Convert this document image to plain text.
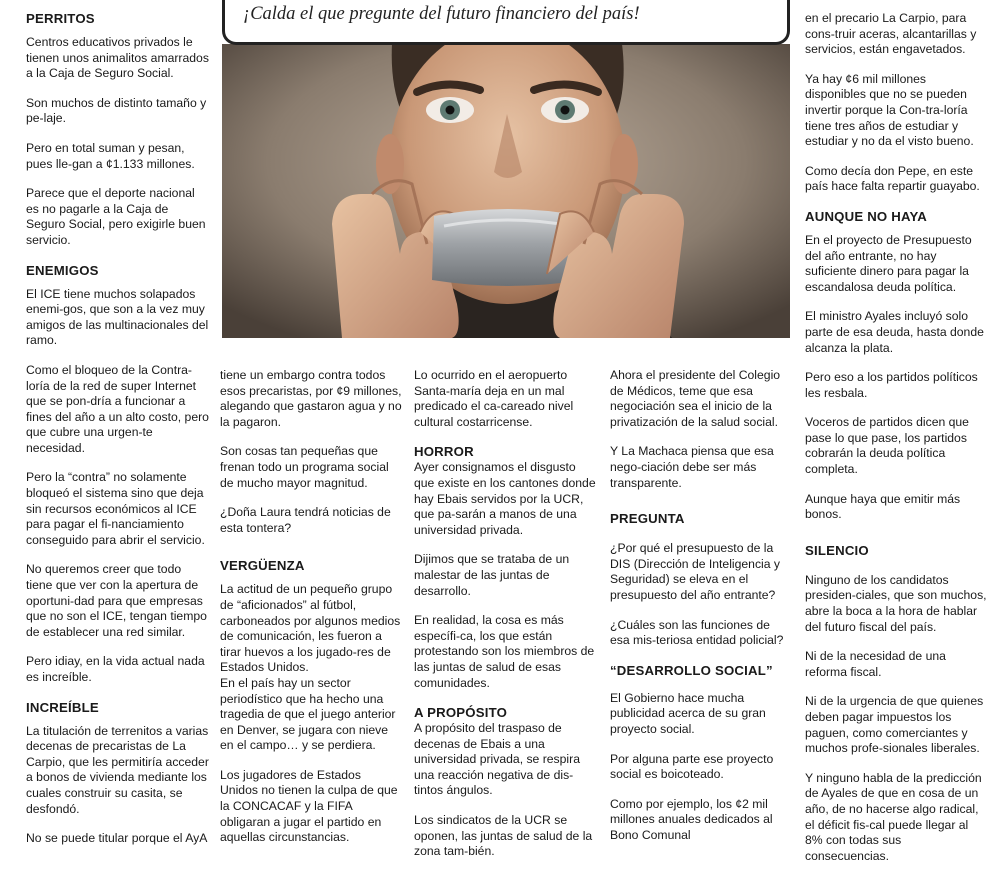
¡Calda el que pregunte del futuro financiero del país!
PERRITOS

Centros educativos privados le tienen unos animalitos amarrados a la Caja de Seguro Social.

Son muchos de distinto tamaño y pe-laje.

Pero en total suman y pesan, pues lle-gan a ¢1.133 millones.

Parece que el deporte nacional es no pagarle a la Caja de Seguro Social, pero exigirle buen servicio.

ENEMIGOS

El ICE tiene muchos solapados enemi-gos, que son a la vez muy amigos de las multinacionales del ramo.

Como el bloqueo de la Contra-loría de la red de super Internet que se pon-dría a funcionar a fines del año a un alto costo, pero que cubre una urgen-te necesidad.

Pero la “contra” no solamente bloqueó el sistema sino que deja sin recursos económicos al ICE para pagar el fi-nanciamiento conseguido para abrir el servicio.

No queremos creer que todo tiene que ver con la apertura de oportuni-dad para que empresas que no son el ICE, tengan tiempo de establecer una red similar.

Pero idiay, en la vida actual nada es increíble.

INCREÍBLE

La titulación de terrenitos a varias decenas de precaristas de La Carpio, que les permitiría acceder a bonos de vivienda mediante los cuales construir su casita, se desfondó.

No se puede titular porque el AyA

tiene un embargo contra todos esos precaristas, por ¢9 millones, alegando que gastaron agua y no la pagaron.

Son cosas tan pequeñas que frenan todo un programa social de mucho mayor magnitud.

¿Doña Laura tendrá noticias de esta tontera?

VERGÜENZA

La actitud de un pequeño grupo de “aficionados” al fútbol, carboneados por algunos medios de comunicación, les fueron a tirar huevos a los jugado-res de Estados Unidos.

En el país hay un sector periodístico que ha hecho una tragedia de que el juego anterior en Denver, se jugara con nieve en el campo… y se perdiera.

Los jugadores de Estados Unidos no tienen la culpa de que la CONCACAF y la FIFA obligaran a jugar el partido en aquellas circunstancias.

Lo ocurrido en el aeropuerto Santa-maría deja en un mal predicado el ca-careado nivel cultural costarricense.

HORROR

Ayer consignamos el disgusto que existe en los cantones donde hay Ebais servidos por la UCR, que pa-sarán a manos de una universidad privada.

Dijimos que se trataba de un malestar de las juntas de desarrollo.

En realidad, la cosa es más específi-ca, los que están protestando son los miembros de las juntas de salud de esas comunidades.

A PROPÓSITO

A propósito del traspaso de decenas de Ebais a una universidad privada, se respira una reacción negativa de dis-tintos ángulos.

Los sindicatos de la UCR se oponen, las juntas de salud de la zona tam-bién.

Ahora el presidente del Colegio de Médicos, teme que esa negociación sea el inicio de la privatización de la salud social.

Y La Machaca piensa que esa nego-ciación debe ser más transparente.

PREGUNTA

¿Por qué el presupuesto de la DIS (Dirección de Inteligencia y Seguridad) se eleva en el presupuesto del año entrante?

¿Cuáles son las funciones de esa mis-teriosa entidad policial?

“DESARROLLO SOCIAL”

El Gobierno hace mucha publicidad acerca de su gran proyecto social.

Por alguna parte ese proyecto social es boicoteado.

Como por ejemplo, los ¢2 mil millones anuales dedicados al Bono Comunal

en el precario La Carpio, para cons-truir aceras, alcantarillas y servicios, están engavetados.

Ya hay ¢6 mil millones disponibles que no se pueden invertir porque la Con-tra-loría tiene tres años de estudiar y estudiar y no da el visto bueno.

Como decía don Pepe, en este país hace falta repartir guayabo.

AUNQUE NO HAYA

En el proyecto de Presupuesto del año entrante, no hay suficiente dinero para pagar la escandalosa deuda política.

El ministro Ayales incluyó solo parte de esa deuda, hasta donde alcanza la plata.

Pero eso a los partidos políticos les resbala.

Voceros de partidos dicen que pase lo que pase, los partidos cobrarán la deuda política completa.

Aunque haya que emitir más bonos.

SILENCIO

Ninguno de los candidatos presiden-ciales, que son muchos, abre la boca a la hora de hablar del futuro fiscal del país.

Ni de la necesidad de una reforma fiscal.

Ni de la urgencia de que quienes deben pagar impuestos los paguen, como comerciantes y muchos profe-sionales liberales.

Y ninguno habla de la predicción de Ayales de que en cosa de un año, de no hacerse algo radical, el déficit fis-cal puede llegar al 8% con todas sus consecuencias.
